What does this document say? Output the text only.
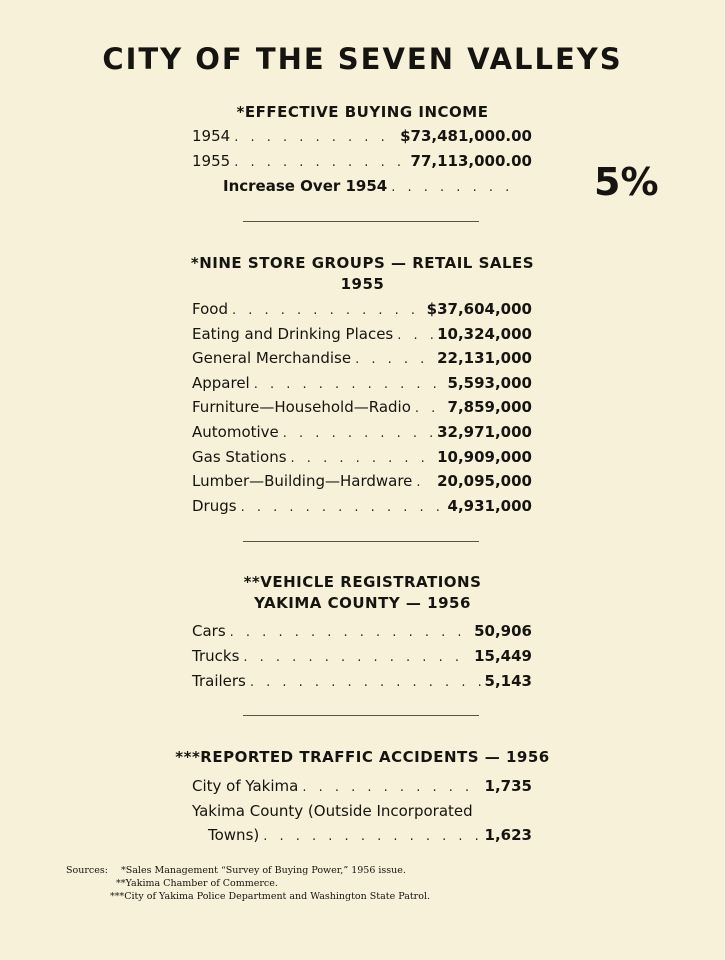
CITY OF THE SEVEN VALLEYS
*EFFECTIVE BUYING INCOME
1954 . . .	$73,481,000.00
1955 . . .	77,113,000.00
Increase Over 1954 . . .	5%
*NINE STORE GROUPS — RETAIL SALES
1955
Food . . .	$37,604,000
Eating and Drinking Places . . .	10,324,000
General Merchandise . . .	22,131,000
Apparel . . .	5,593,000
Furniture—Household—Radio . . . 7,859,000
Automotive . . .	32,971,000
Gas Stations . . .	10,909,000
Lumber—Building—Hardware . . . 20,095,000
Drugs . . .	4,931,000
**VEHICLE REGISTRATIONS
YAKIMA COUNTY — 1956
Cars . . .	50,906
Trucks . . .	15,449
Trailers . . .	5,143
***REPORTED TRAFFIC ACCIDENTS — 1956
City of Yakima . . .	1,735
Yakima County (Outside Incorporated
Towns) . . .	1,623
Sources: *Sales Management “Survey of Buying Power,” 1956 issue.
**Yakima Chamber of Commerce.
***City of Yakima Police Department and Washington State Patrol.
